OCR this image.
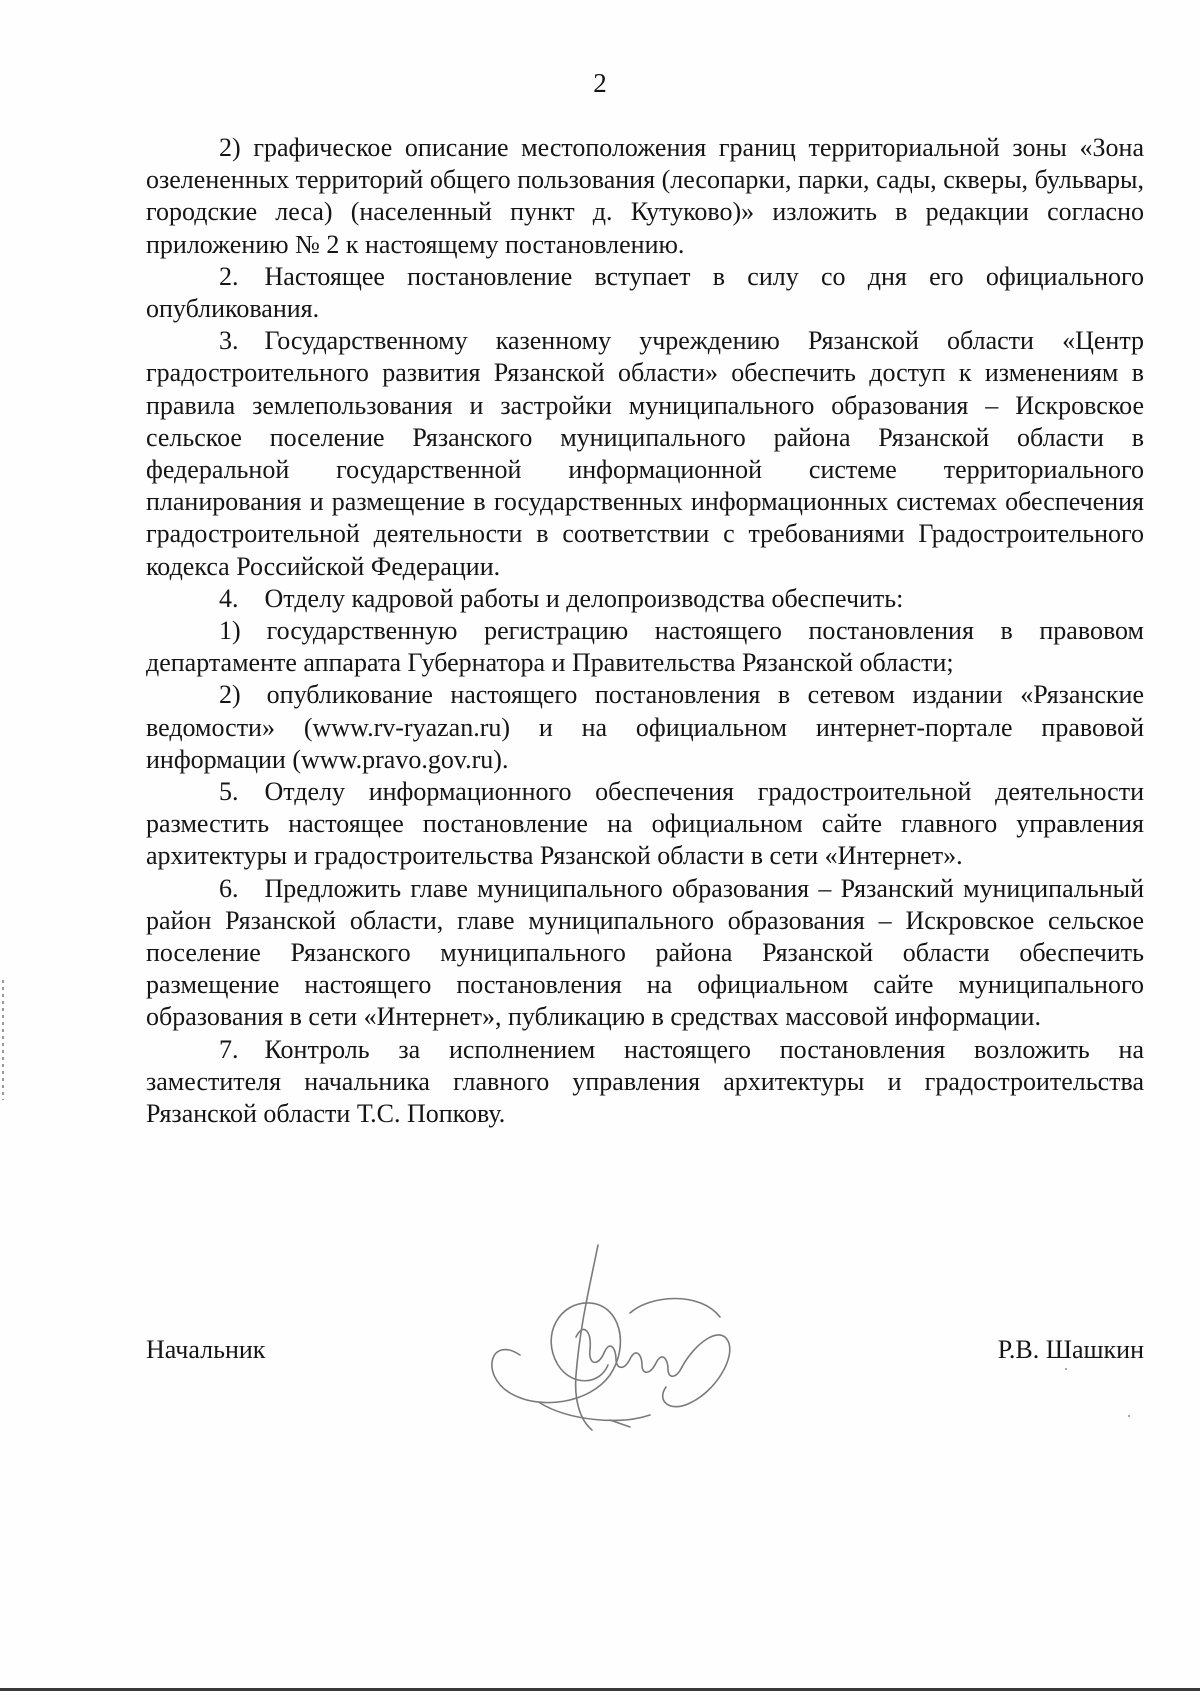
2

2) графическое описание местоположения границ территориальной зоны «Зона озелененных территорий общего пользования (лесопарки, парки, сады, скверы, бульвары, городские леса) (населенный пункт д. Кутуково)» изложить в редакции согласно приложению № 2 к настоящему постановлению.

2. Настоящее постановление вступает в силу со дня его официального опубликования.

3. Государственному казенному учреждению Рязанской области «Центр градостроительного развития Рязанской области» обеспечить доступ к изменениям в правила землепользования и застройки муниципального образования – Искровское сельское поселение Рязанского муниципального района Рязанской области в федеральной государственной информационной системе территориального планирования и размещение в государственных информационных системах обеспечения градостроительной деятельности в соответствии с требованиями Градостроительного кодекса Российской Федерации.

4. Отделу кадровой работы и делопроизводства обеспечить:

1) государственную регистрацию настоящего постановления в правовом департаменте аппарата Губернатора и Правительства Рязанской области;

2) опубликование настоящего постановления в сетевом издании «Рязанские ведомости» (www.rv-ryazan.ru) и на официальном интернет-портале правовой информации (www.pravo.gov.ru).

5. Отделу информационного обеспечения градостроительной деятельности разместить настоящее постановление на официальном сайте главного управления архитектуры и градостроительства Рязанской области в сети «Интернет».

6. Предложить главе муниципального образования – Рязанский муниципальный район Рязанской области, главе муниципального образования – Искровское сельское поселение Рязанского муниципального района Рязанской области обеспечить размещение настоящего постановления на официальном сайте муниципального образования в сети «Интернет», публикацию в средствах массовой информации.

7. Контроль за исполнением настоящего постановления возложить на заместителя начальника главного управления архитектуры и градостроительства Рязанской области Т.С. Попкову.

Начальник	Р.В. Шашкин
